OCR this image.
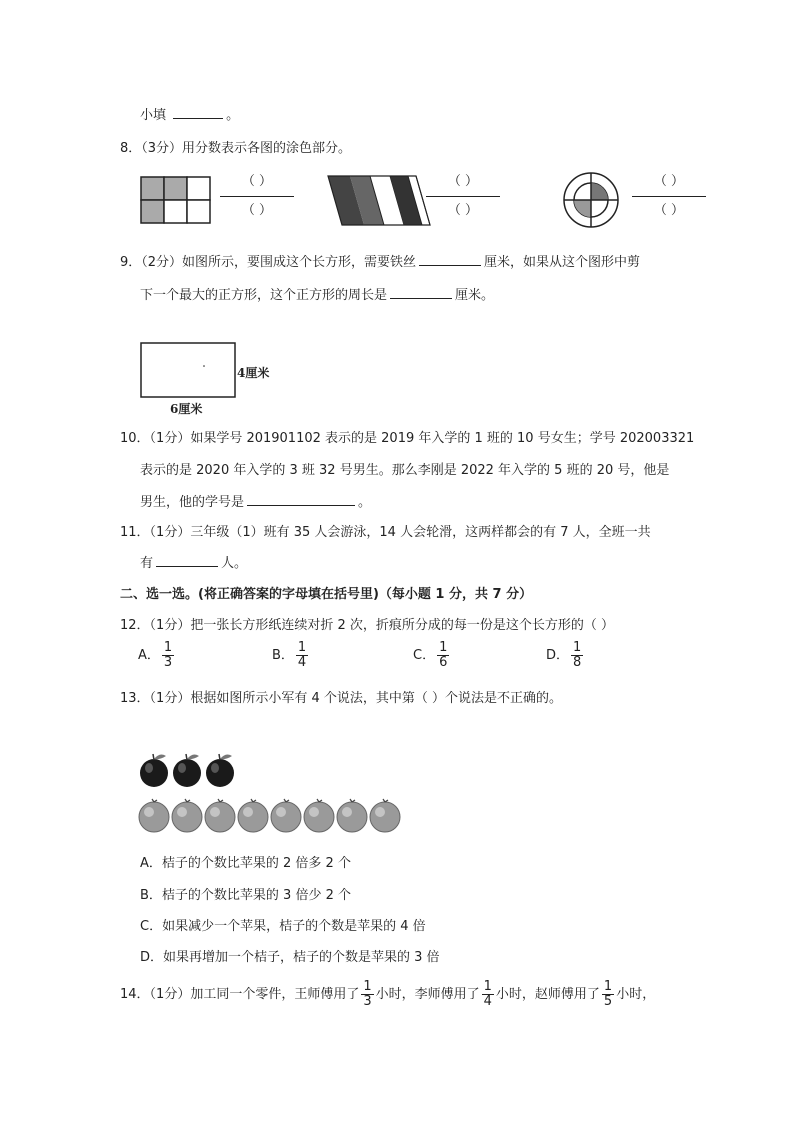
小填	。
8．（3分）用分数表示各图的涂色部分。
（ ）
（ ）
（ ）
（ ）
（ ）
（ ）
9．（2分）如图所示，要围成这个长方形，需要铁丝	厘米，如果从这个图形中剪
下一个最大的正方形，这个正方形的周长是	厘米。
4厘米
6厘米
10．（1分）如果学号 201901102 表示的是 2019 年入学的 1 班的 10 号女生；学号 202003321
表示的是 2020 年入学的 3 班 32 号男生。那么李刚是 2022 年入学的 5 班的 20 号，他是
男生，他的学号是	。
11．（1分）三年级（1）班有 35 人会游泳，14 人会轮滑，这两样都会的有 7 人，全班一共
有	人。
二、选一选。(将正确答案的字母填在括号里)（每小题 1 分，共 7 分）
12．（1分）把一张长方形纸连续对折 2 次，折痕所分成的每一份是这个长方形的（ ）
A． $\frac{1}{3}$	B． $\frac{1}{4}$	C． $\frac{1}{6}$	D． $\frac{1}{8}$
13．（1分）根据如图所示小军有 4 个说法，其中第（ ）个说法是不正确的。
A．桔子的个数比苹果的 2 倍多 2 个
B．桔子的个数比苹果的 3 倍少 2 个
C．如果减少一个苹果，桔子的个数是苹果的 4 倍
D．如果再增加一个桔子，桔子的个数是苹果的 3 倍
14．（1分）加工同一个零件，王师傅用了 $\frac{1}{3}$ 小时，李师傅用了 $\frac{1}{4}$ 小时，赵师傅用了 $\frac{1}{5}$ 小时，
